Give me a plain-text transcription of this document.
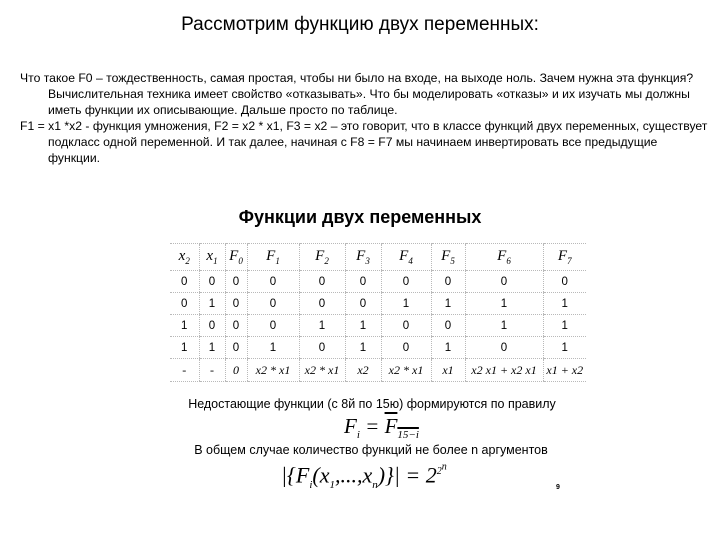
Рассмотрим функцию двух переменных:

Что такое F0 – тождественность, самая простая, чтобы ни было на входе, на выходе ноль. Зачем нужна эта функция? Вычислительная техника имеет свойство «отказывать». Что бы моделировать «отказы» и их изучать мы должны иметь функции их описывающие. Дальше просто по таблице.

F1 = x1 *x2 - функция умножения, F2 = x2 * x1, F3 = x2 – это говорит, что в классе функций двух переменных, существует подкласс одной переменной. И так далее, начиная с F8 = F7 мы начинаем инвертировать все предыдущие функции.

Функции двух переменных
$x_2$	$x_1$	$F_0$	$F_1$	$F_2$	$F_3$	$F_4$	$F_5$	$F_6$	$F_7$
0	0	0	0	0	0	0	0	0	0
0	1	0	0	0	0	1	1	1	1
1	0	0	0	1	1	0	0	1	1
1	1	0	1	0	1	0	1	0	1
-	-	0	x2 * x1	x2 * x1	x2	x2 * x1	x1	x2 x1 + x2 x1	x1 + x2
Недостающие функции (с 8й по 15ю) формируются по правилу
$F_i = F_{15-i}$
В общем случае количество функций не более n аргументов
$|\{F_i(x_1,...,x_n)\}| = 2^{2^n}$
9
